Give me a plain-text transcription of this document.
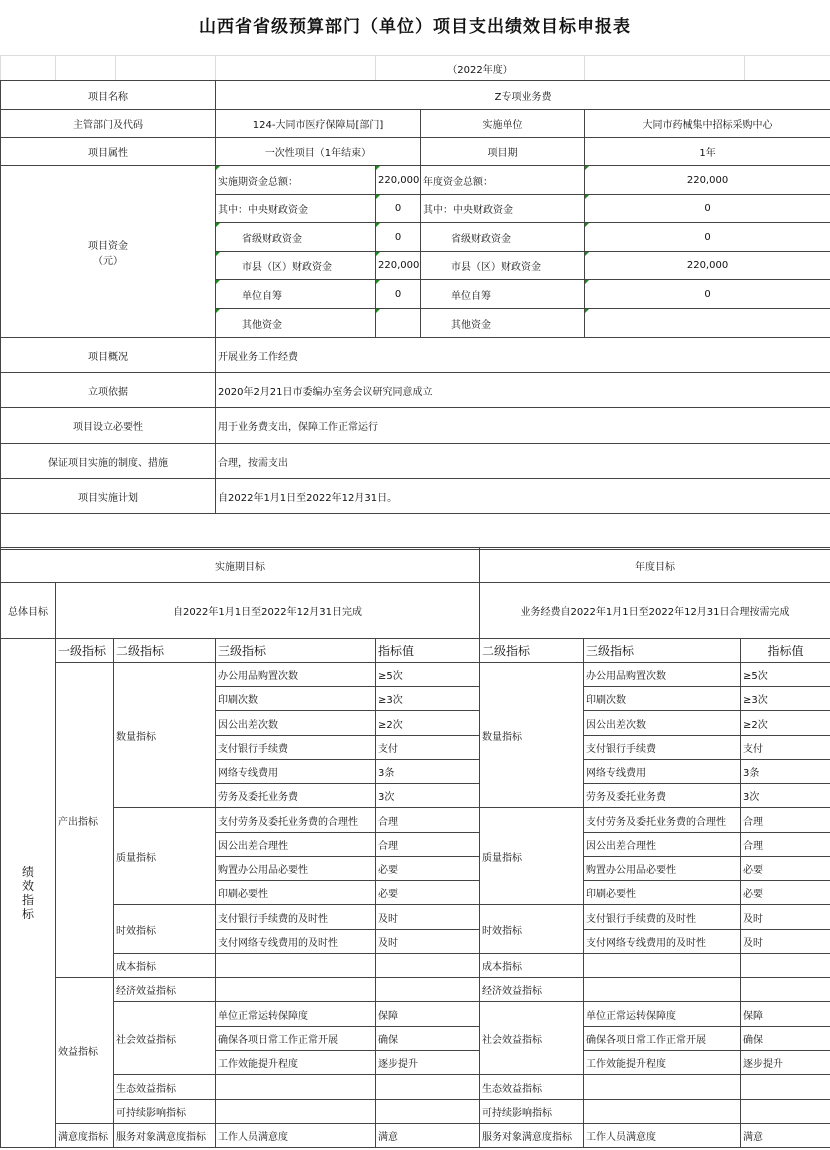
山西省省级预算部门（单位）项目支出绩效目标申报表
				（2022年度）		
项目名称	Z专项业务费			
主管部门及代码	124-大同市医疗保障局[部门]		实施单位	大同市药械集中招标采购中心
项目属性	一次性项目（1年结束）		项目期	1年

项目资金
（元）	实施期资金总额：	220,000	年度资金总额：	220,000
	其中：中央财政资金	0	其中：中央财政资金	0
	省级财政资金	0	省级财政资金	0
	市县（区）财政资金	220,000	市县（区）财政资金	220,000
	单位自筹	0	单位自筹	0
	其他资金		其他资金	
项目概况	开展业务工作经费			
立项依据	2020年2月21日市委编办室务会议研究同意成立			
项目设立必要性	用于业务费支出，保障工作正常运行			
保证项目实施的制度、措施	合理，按需支出			
项目实施计划	自2022年1月1日至2022年12月31日。			

实施期目标					年度目标		
总体目标	自2022年1月1日至2022年12月31日完成				业务经费自2022年1月1日至2022年12月31日合理按需完成		

绩效指标	一级指标	二级指标	三级指标	指标值	二级指标	三级指标	指标值
	产出指标	数量指标	办公用品购置次数	≥5次	数量指标	办公用品购置次数	≥5次
			印刷次数	≥3次		印刷次数	≥3次
			因公出差次数	≥2次		因公出差次数	≥2次
			支付银行手续费	支付		支付银行手续费	支付
			网络专线费用	3条		网络专线费用	3条
			劳务及委托业务费	3次		劳务及委托业务费	3次
		质量指标	支付劳务及委托业务费的合理性	合理	质量指标	支付劳务及委托业务费的合理性	合理
			因公出差合理性	合理		因公出差合理性	合理
			购置办公用品必要性	必要		购置办公用品必要性	必要
			印刷必要性	必要		印刷必要性	必要
		时效指标	支付银行手续费的及时性	及时	时效指标	支付银行手续费的及时性	及时
			支付网络专线费用的及时性	及时		支付网络专线费用的及时性	及时
		成本指标			成本指标		
	效益指标	经济效益指标			经济效益指标		
		社会效益指标	单位正常运转保障度	保障	社会效益指标	单位正常运转保障度	保障
			确保各项日常工作正常开展	确保		确保各项日常工作正常开展	确保
			工作效能提升程度	逐步提升		工作效能提升程度	逐步提升
		生态效益指标			生态效益指标		
		可持续影响指标			可持续影响指标		
	满意度指标	服务对象满意度指标	工作人员满意度	满意	服务对象满意度指标	工作人员满意度	满意
